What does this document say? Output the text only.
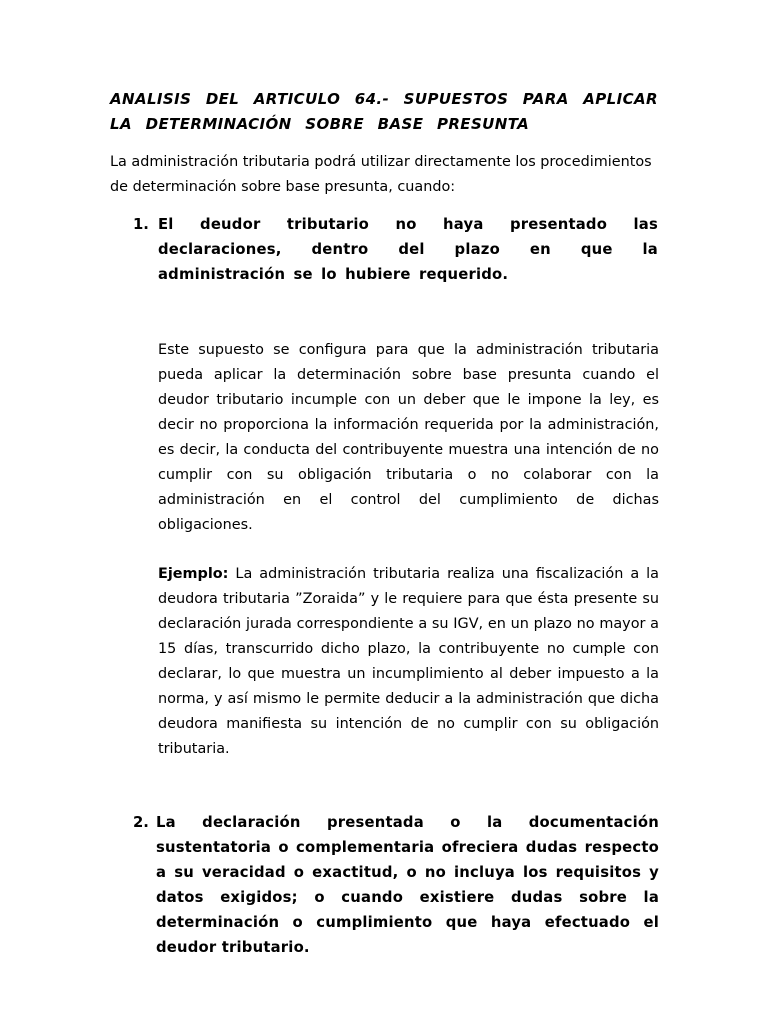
ANALISIS DEL ARTICULO 64.- SUPUESTOS PARA APLICAR LA DETERMINACIÓN SOBRE BASE PRESUNTA

La administración tributaria podrá utilizar directamente los procedimientos de determinación sobre base presunta, cuando:

1. El deudor tributario no haya presentado las declaraciones, dentro del plazo en que la administración se lo hubiere requerido.

Este supuesto se configura para que la administración tributaria pueda aplicar la determinación sobre base presunta cuando el deudor tributario incumple con un deber que le impone la ley, es decir no proporciona la información requerida por la administración, es decir, la conducta del contribuyente muestra una intención de no cumplir con su obligación tributaria o no colaborar con la administración en el control del cumplimiento de dichas obligaciones.

Ejemplo: La administración tributaria realiza una fiscalización a la deudora tributaria ”Zoraida” y le requiere para que ésta presente su declaración jurada correspondiente a su IGV, en un plazo no mayor a 15 días, transcurrido dicho plazo, la contribuyente no cumple con declarar, lo que muestra un incumplimiento al deber impuesto a la norma, y así mismo le permite deducir a la administración que dicha deudora manifiesta su intención de no cumplir con su obligación tributaria.

2. La declaración presentada o la documentación sustentatoria o complementaria ofreciera dudas respecto a su veracidad o exactitud, o no incluya los requisitos y datos exigidos; o cuando existiere dudas sobre la determinación o cumplimiento que haya efectuado el deudor tributario.
